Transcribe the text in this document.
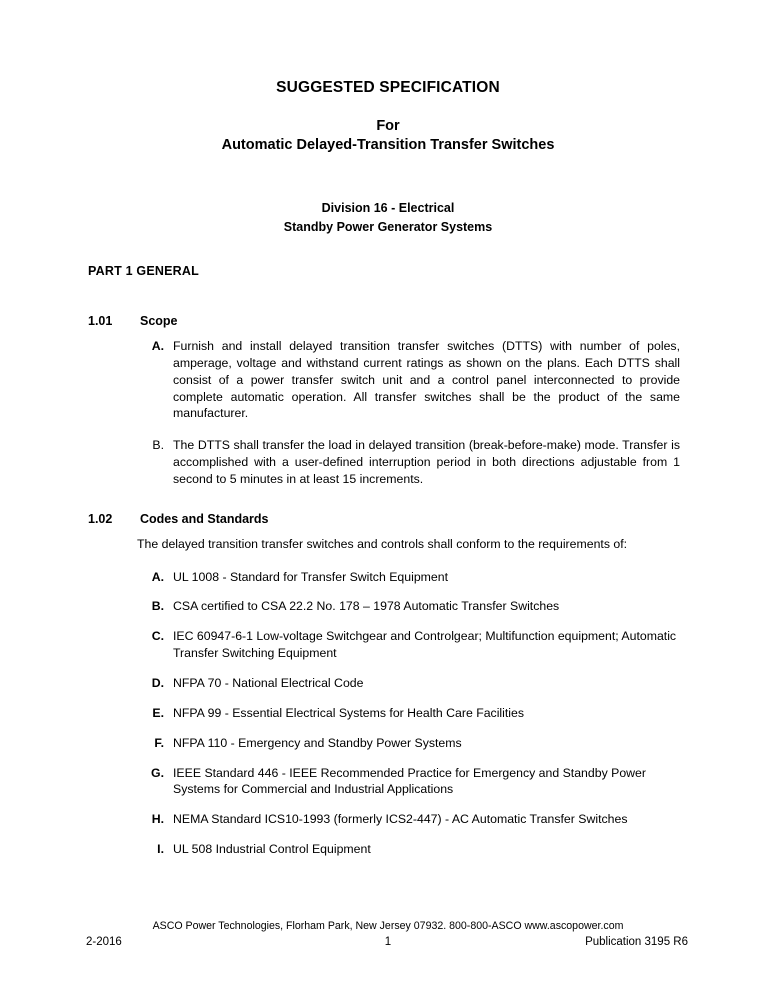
SUGGESTED SPECIFICATION
For
Automatic Delayed-Transition Transfer Switches
Division 16 - Electrical
Standby Power Generator Systems
PART 1 GENERAL
1.01	Scope
A. Furnish and install delayed transition transfer switches (DTTS) with number of poles, amperage, voltage and withstand current ratings as shown on the plans. Each DTTS shall consist of a power transfer switch unit and a control panel interconnected to provide complete automatic operation. All transfer switches shall be the product of the same manufacturer.
B. The DTTS shall transfer the load in delayed transition (break-before-make) mode. Transfer is accomplished with a user-defined interruption period in both directions adjustable from 1 second to 5 minutes in at least 15 increments.
1.02	Codes and Standards
The delayed transition transfer switches and controls shall conform to the requirements of:
A. UL 1008 - Standard for Transfer Switch Equipment
B. CSA certified to CSA 22.2 No. 178 – 1978 Automatic Transfer Switches
C. IEC 60947-6-1 Low-voltage Switchgear and Controlgear; Multifunction equipment; Automatic Transfer Switching Equipment
D. NFPA 70 - National Electrical Code
E. NFPA 99 - Essential Electrical Systems for Health Care Facilities
F. NFPA 110 - Emergency and Standby Power Systems
G. IEEE Standard 446 - IEEE Recommended Practice for Emergency and Standby Power Systems for Commercial and Industrial Applications
H. NEMA Standard ICS10-1993 (formerly ICS2-447) - AC Automatic Transfer Switches
I. UL 508 Industrial Control Equipment
ASCO Power Technologies, Florham Park, New Jersey 07932. 800-800-ASCO www.ascopower.com
2-2016	1	Publication 3195 R6
